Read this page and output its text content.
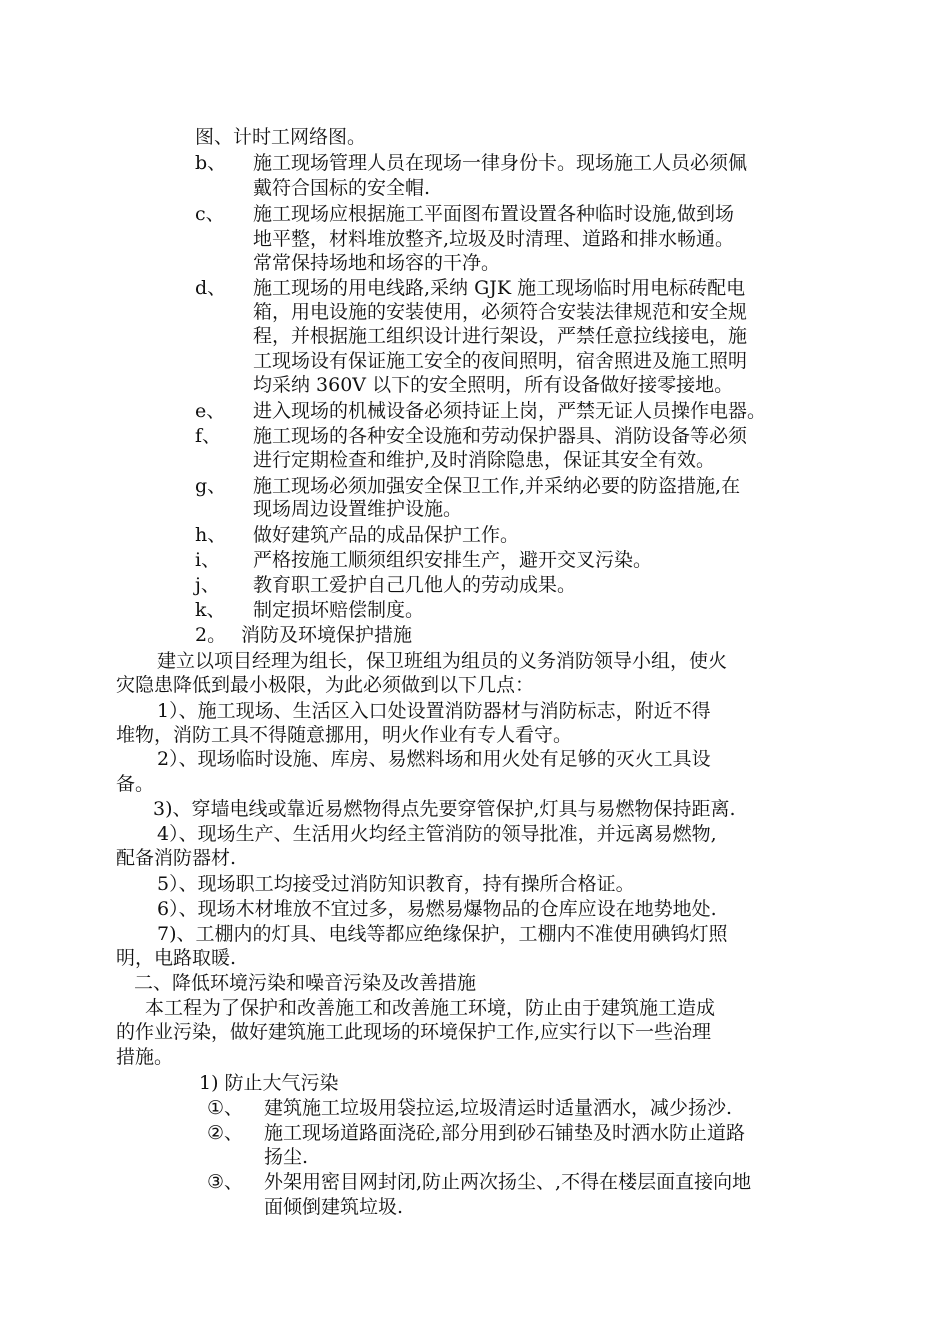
图、计时工网络图。
b、 施工现场管理人员在现场一律身份卡。现场施工人员必须佩
戴符合国标的安全帽.
c、 施工现场应根据施工平面图布置设置各种临时设施,做到场
地平整，材料堆放整齐,垃圾及时清理、道路和排水畅通。
常常保持场地和场容的干净。
d、 施工现场的用电线路,采纳 GJK 施工现场临时用电标砖配电
箱，用电设施的安装使用，必须符合安装法律规范和安全规
程，并根据施工组织设计进行架设，严禁任意拉线接电，施
工现场设有保证施工安全的夜间照明，宿舍照进及施工照明
均采纳 360V 以下的安全照明，所有设备做好接零接地。
e、 进入现场的机械设备必须持证上岗，严禁无证人员操作电器。
f、 施工现场的各种安全设施和劳动保护器具、消防设备等必须
进行定期检查和维护,及时消除隐患，保证其安全有效。
g、 施工现场必须加强安全保卫工作,并采纳必要的防盗措施,在
现场周边设置维护设施。
h、 做好建筑产品的成品保护工作。
i、 严格按施工顺须组织安排生产，避开交叉污染。
j、 教育职工爱护自己几他人的劳动成果。
k、 制定损坏赔偿制度。
2。 消防及环境保护措施
建立以项目经理为组长，保卫班组为组员的义务消防领导小组，使火
灾隐患降低到最小极限，为此必须做到以下几点：
1）、施工现场、生活区入口处设置消防器材与消防标志，附近不得
堆物，消防工具不得随意挪用，明火作业有专人看守。
2）、现场临时设施、库房、易燃料场和用火处有足够的灭火工具设
备。
3)、穿墙电线或靠近易燃物得点先要穿管保护,灯具与易燃物保持距离.
4）、现场生产、生活用火均经主管消防的领导批准，并远离易燃物,
配备消防器材.
5）、现场职工均接受过消防知识教育，持有操所合格证。
6）、现场木材堆放不宜过多，易燃易爆物品的仓库应设在地势地处.
7)、工棚内的灯具、电线等都应绝缘保护，工棚内不准使用碘钨灯照
明，电路取暖.
二、降低环境污染和噪音污染及改善措施
本工程为了保护和改善施工和改善施工环境，防止由于建筑施工造成
的作业污染，做好建筑施工此现场的环境保护工作,应实行以下一些治理
措施。
1) 防止大气污染
①、 建筑施工垃圾用袋拉运,垃圾清运时适量洒水，减少扬沙.
②、 施工现场道路面浇砼,部分用到砂石铺垫及时洒水防止道路
扬尘.
③、 外架用密目网封闭,防止两次扬尘、,不得在楼层面直接向地
面倾倒建筑垃圾.
